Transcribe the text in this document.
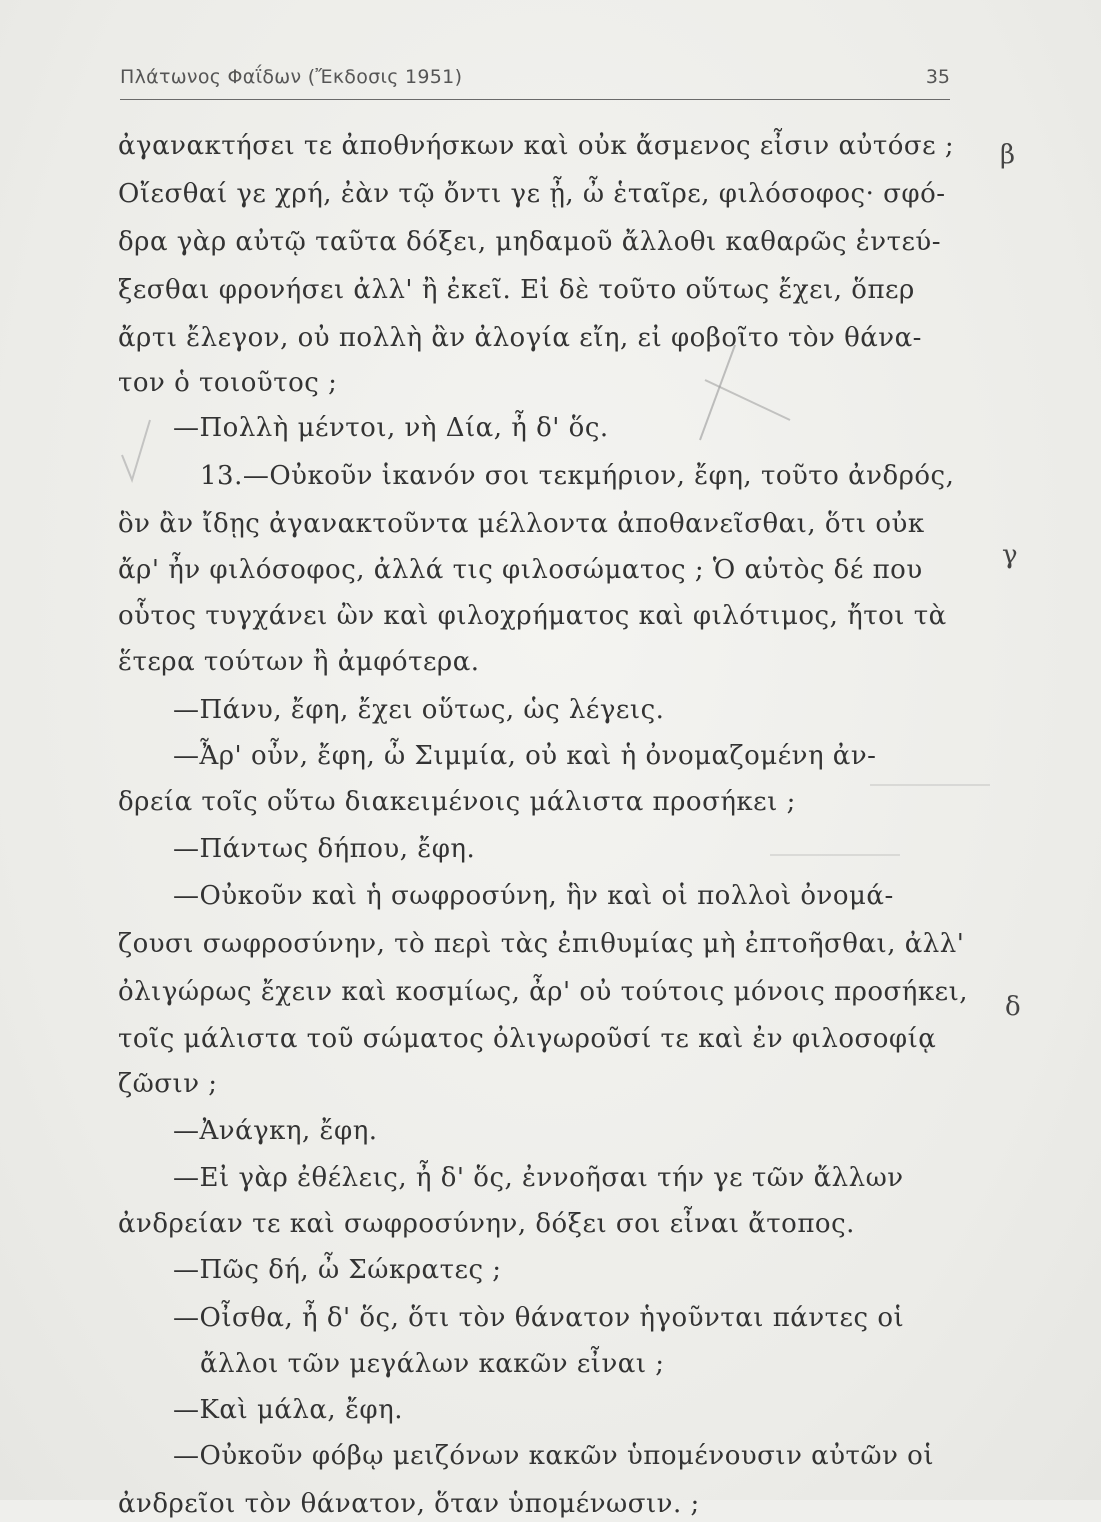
Πλάτωνος Φαΐδων (Ἔκδοσις 1951)	35
ἀγανακτήσει τε ἀποθνήσκων καὶ οὐκ ἄσμενος εἶσιν αὐτόσε ;
Οἴεσθαί γε χρή, ἐὰν τῷ ὄντι γε ᾖ, ὦ ἑταῖρε, φιλόσοφος· σφό-
δρα γὰρ αὐτῷ ταῦτα δόξει, μηδαμοῦ ἄλλοθι καθαρῶς ἐντεύ-
ξεσθαι φρονήσει ἀλλ' ἢ ἐκεῖ. Εἰ δὲ τοῦτο οὕτως ἔχει, ὅπερ
ἄρτι ἔλεγον, οὐ πολλὴ ἂν ἀλογία εἴη, εἰ φοβοῖτο τὸν θάνα-
τον ὁ τοιοῦτος ;
—Πολλὴ μέντοι, νὴ Δία, ἦ δ' ὅς.
13.—Οὐκοῦν ἱκανόν σοι τεκμήριον, ἔφη, τοῦτο ἀνδρός,
ὃν ἂν ἴδῃς ἀγανακτοῦντα μέλλοντα ἀποθανεῖσθαι, ὅτι οὐκ
ἄρ' ἦν φιλόσοφος, ἀλλά τις φιλοσώματος ; Ὁ αὐτὸς δέ που
οὗτος τυγχάνει ὢν καὶ φιλοχρήματος καὶ φιλότιμος, ἤτοι τὰ
ἕτερα τούτων ἢ ἀμφότερα.
—Πάνυ, ἔφη, ἔχει οὕτως, ὡς λέγεις.
—Ἆρ' οὖν, ἔφη, ὦ Σιμμία, οὐ καὶ ἡ ὀνομαζομένη ἀν-
δρεία τοῖς οὕτω διακειμένοις μάλιστα προσήκει ;
—Πάντως δήπου, ἔφη.
—Οὐκοῦν καὶ ἡ σωφροσύνη, ἣν καὶ οἱ πολλοὶ ὀνομά-
ζουσι σωφροσύνην, τὸ περὶ τὰς ἐπιθυμίας μὴ ἐπτοῆσθαι, ἀλλ'
ὀλιγώρως ἔχειν καὶ κοσμίως, ἆρ' οὐ τούτοις μόνοις προσήκει,
τοῖς μάλιστα τοῦ σώματος ὀλιγωροῦσί τε καὶ ἐν φιλοσοφίᾳ
ζῶσιν ;
—Ἀνάγκη, ἔφη.
—Εἰ γὰρ ἐθέλεις, ἦ δ' ὅς, ἐννοῆσαι τήν γε τῶν ἄλλων
ἀνδρείαν τε καὶ σωφροσύνην, δόξει σοι εἶναι ἄτοπος.
—Πῶς δή, ὦ Σώκρατες ;
—Οἶσθα, ἦ δ' ὅς, ὅτι τὸν θάνατον ἡγοῦνται πάντες οἱ
ἄλλοι τῶν μεγάλων κακῶν εἶναι ;
—Καὶ μάλα, ἔφη.
—Οὐκοῦν φόβῳ μειζόνων κακῶν ὑπομένουσιν αὐτῶν οἱ
ἀνδρεῖοι τὸν θάνατον, ὅταν ὑπομένωσιν. ;
β
γ
δ
